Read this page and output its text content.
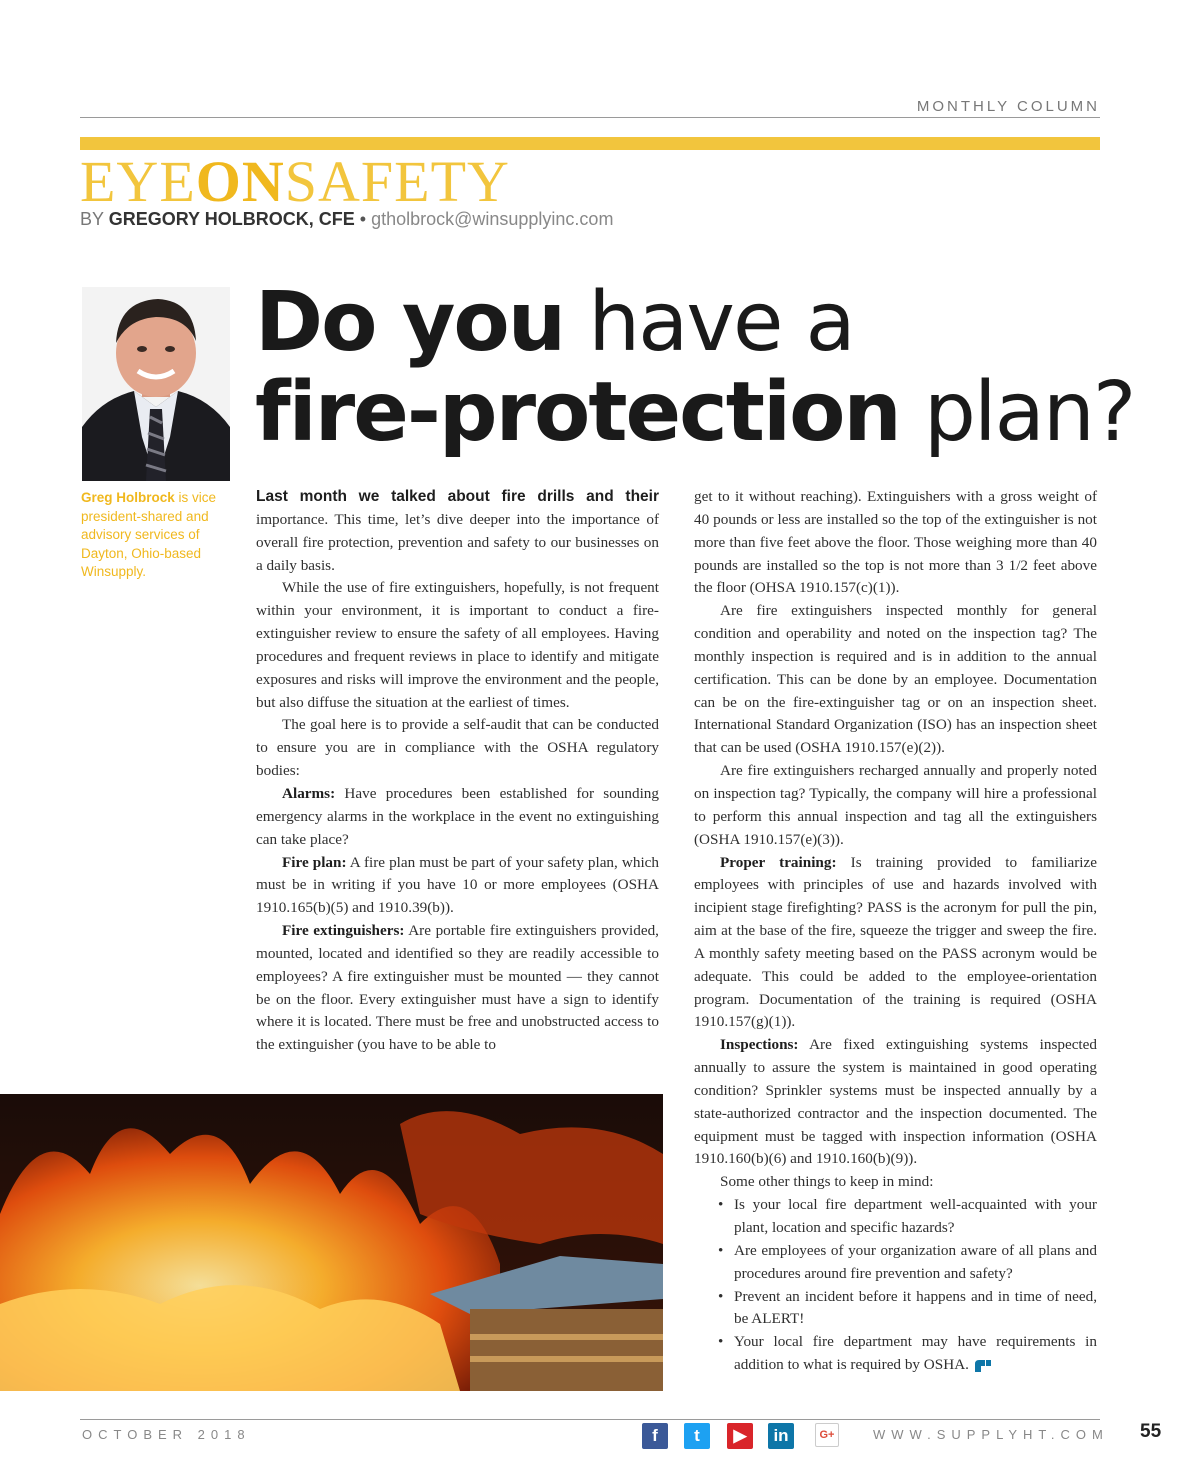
MONTHLY COLUMN
EYEONSAFETY
BY GREGORY HOLBROCK, CFE • gtholbrock@winsupplyinc.com
Greg Holbrock is vice president-shared and advisory services of Dayton, Ohio-based Winsupply.
Do you have a
fire-protection plan?

Last month we talked about fire drills and their importance. This time, let’s dive deeper into the importance of overall fire protection, prevention and safety to our businesses on a daily basis.

While the use of fire extinguishers, hopefully, is not frequent within your environment, it is important to conduct a fire-extinguisher review to ensure the safety of all employees. Having procedures and frequent reviews in place to identify and mitigate exposures and risks will improve the environment and the people, but also diffuse the situation at the earliest of times.

The goal here is to provide a self-audit that can be conducted to ensure you are in compliance with the OSHA regulatory bodies:

Alarms: Have procedures been established for sounding emergency alarms in the workplace in the event no extinguishing can take place?

Fire plan: A fire plan must be part of your safety plan, which must be in writing if you have 10 or more employees (OSHA 1910.165(b)(5) and 1910.39(b)).

Fire extinguishers: Are portable fire extinguishers provided, mounted, located and identified so they are readily accessible to employees? A fire extinguisher must be mounted — they cannot be on the floor. Every extinguisher must have a sign to identify where it is located. There must be free and unobstructed access to the extinguisher (you have to be able to

get to it without reaching). Extinguishers with a gross weight of 40 pounds or less are installed so the top of the extinguisher is not more than five feet above the floor. Those weighing more than 40 pounds are installed so the top is not more than 3 1/2 feet above the floor (OHSA 1910.157(c)(1)).

Are fire extinguishers inspected monthly for general condition and operability and noted on the inspection tag? The monthly inspection is required and is in addition to the annual certification. This can be done by an employee. Documentation can be on the fire-extinguisher tag or on an inspection sheet. International Standard Organization (ISO) has an inspection sheet that can be used (OSHA 1910.157(e)(2)).

Are fire extinguishers recharged annually and properly noted on inspection tag? Typically, the company will hire a professional to perform this annual inspection and tag all the extinguishers (OSHA 1910.157(e)(3)).

Proper training: Is training provided to familiarize employees with principles of use and hazards involved with incipient stage firefighting? PASS is the acronym for pull the pin, aim at the base of the fire, squeeze the trigger and sweep the fire. A monthly safety meeting based on the PASS acronym would be adequate. This could be added to the employee-orientation program. Documentation of the training is required (OSHA 1910.157(g)(1)).

Inspections: Are fixed extinguishing systems inspected annually to assure the system is maintained in good operating condition? Sprinkler systems must be inspected annually by a state-authorized contractor and the inspection documented. The equipment must be tagged with inspection information (OSHA 1910.160(b)(6) and 1910.160(b)(9)).

Some other things to keep in mind:

• Is your local fire department well-acquainted with your plant, location and specific hazards?
• Are employees of your organization aware of all plans and procedures around fire prevention and safety?
• Prevent an incident before it happens and in time of need, be ALERT!
• Your local fire department may have requirements in addition to what is required by OSHA.
OCTOBER 2018	f	t	▶	in	G+	WWW.SUPPLYHT.COM 55
